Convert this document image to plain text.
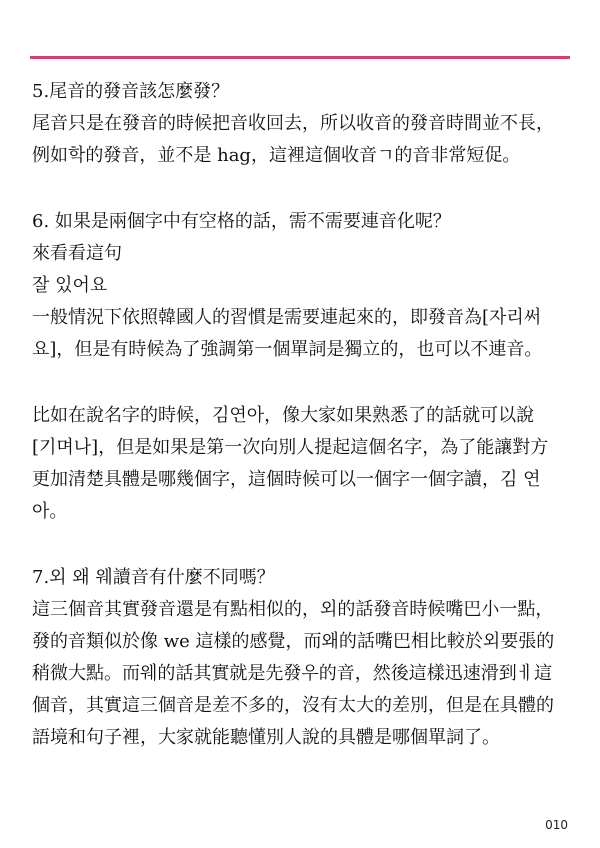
5.尾音的發音該怎麼發？
尾音只是在發音的時候把音收回去，所以收音的發音時間並不長，
例如학的發音，並不是 hag，這裡這個收音ㄱ的音非常短促。
6. 如果是兩個字中有空格的話，需不需要連音化呢？
來看看這句
잘 있어요
一般情況下依照韓國人的習慣是需要連起來的，即發音為[자리써
요]，但是有時候為了強調第一個單詞是獨立的，也可以不連音。
比如在說名字的時候，김연아，像大家如果熟悉了的話就可以說
[기며나]，但是如果是第一次向別人提起這個名字，為了能讓對方
更加清楚具體是哪幾個字，這個時候可以一個字一個字讀，김 연
아。
7.외 왜 웨讀音有什麼不同嗎？
這三個音其實發音還是有點相似的，외的話發音時候嘴巴小一點，
發的音類似於像 we 這樣的感覺，而왜的話嘴巴相比較於외要張的
稍微大點。而웨的話其實就是先發우的音，然後這樣迅速滑到ㅔ這
個音，其實這三個音是差不多的，沒有太大的差別，但是在具體的
語境和句子裡，大家就能聽懂別人說的具體是哪個單詞了。
010
